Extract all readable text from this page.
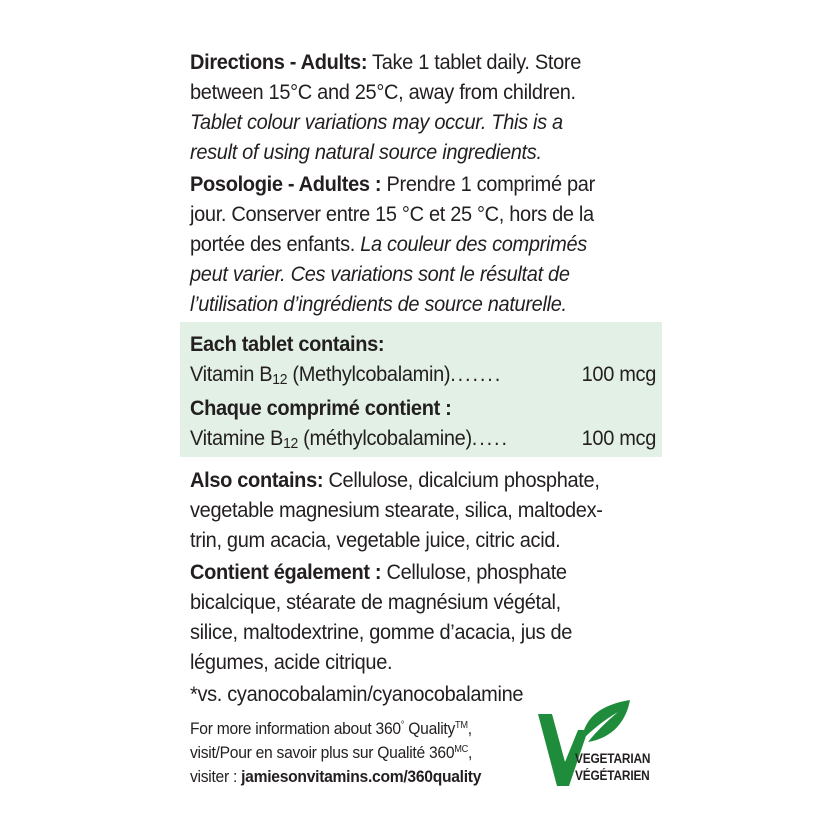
Directions - Adults: Take 1 tablet daily. Store
between 15°C and 25°C, away from children.
Tablet colour variations may occur. This is a
result of using natural source ingredients.
Posologie - Adultes : Prendre 1 comprimé par
jour. Conserver entre 15 °C et 25 °C, hors de la
portée des enfants. La couleur des comprimés
peut varier. Ces variations sont le résultat de
l’utilisation d’ingrédients de source naturelle.
Each tablet contains:
Vitamin $B_{12}$ (Methylcobalamin).......	100 mcg
Chaque comprimé contient :
Vitamine $B_{12}$ (méthylcobalamine).....	100 mcg
Also contains: Cellulose, dicalcium phosphate,
vegetable magnesium stearate, silica, maltodex-
trin, gum acacia, vegetable juice, citric acid.
Contient également : Cellulose, phosphate
bicalcique, stéarate de magnésium végétal,
silice, maltodextrine, gomme d’acacia, jus de
légumes, acide citrique.
*vs. cyanocobalamin/cyanocobalamine
For more information about 360° Quality™,
visit/Pour en savoir plus sur Qualité $360^{MC}$,
visiter : jamiesonvitamins.com/360quality
VEGETARIAN
VÉGÉTARIEN
